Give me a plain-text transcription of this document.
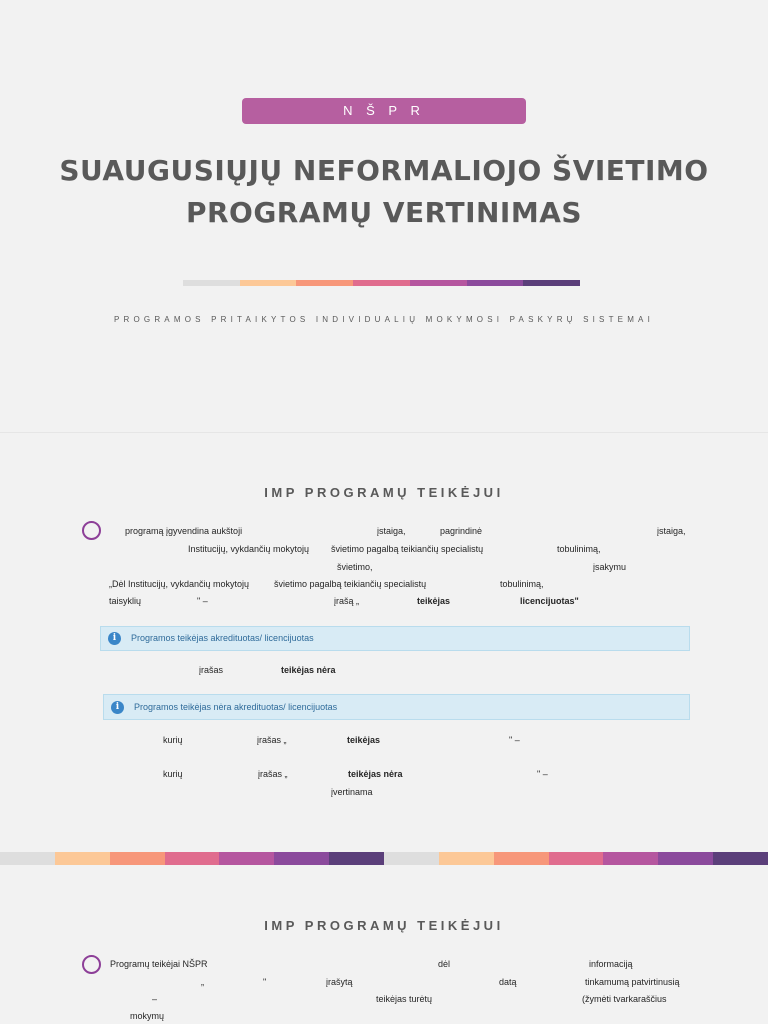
N Š P R
SUAUGUSIŲJŲ NEFORMALIOJO ŠVIETIMO
PROGRAMŲ VERTINIMAS
PROGRAMOS PRITAIKYTOS INDIVIDUALIŲ MOKYMOSI PASKYRŲ SISTEMAI
IMP PROGRAMŲ TEIKĖJUI
programą įgyvendina aukštoji	įstaiga,	pagrindinė	įstaiga,
Institucijų, vykdančių mokytojų švietimo pagalbą teikiančių specialistų	tobulinimą,
švietimo,	įsakymu
„Dėl Institucijų, vykdančių mokytojų	švietimo pagalbą teikiančių specialistų	tobulinimą,
taisyklių	" –	įrašą „	teikėjas	licencijuotas"
i	Programos teikėjas akredituotas/ licencijuotas
įrašas	teikėjas nėra
i	Programos teikėjas nėra akredituotas/ licencijuotas
kurių	įrašas „	teikėjas	" –
kurių	įrašas „	teikėjas nėra	" –
įvertinama
IMP PROGRAMŲ TEIKĖJUI
Programų teikėjai NŠPR	dėl	informaciją
„	"	įrašytą	datą	tinkamumą patvirtinusią
–	teikėjas turėtų	(žymėti tvarkaraščius
mokymų
